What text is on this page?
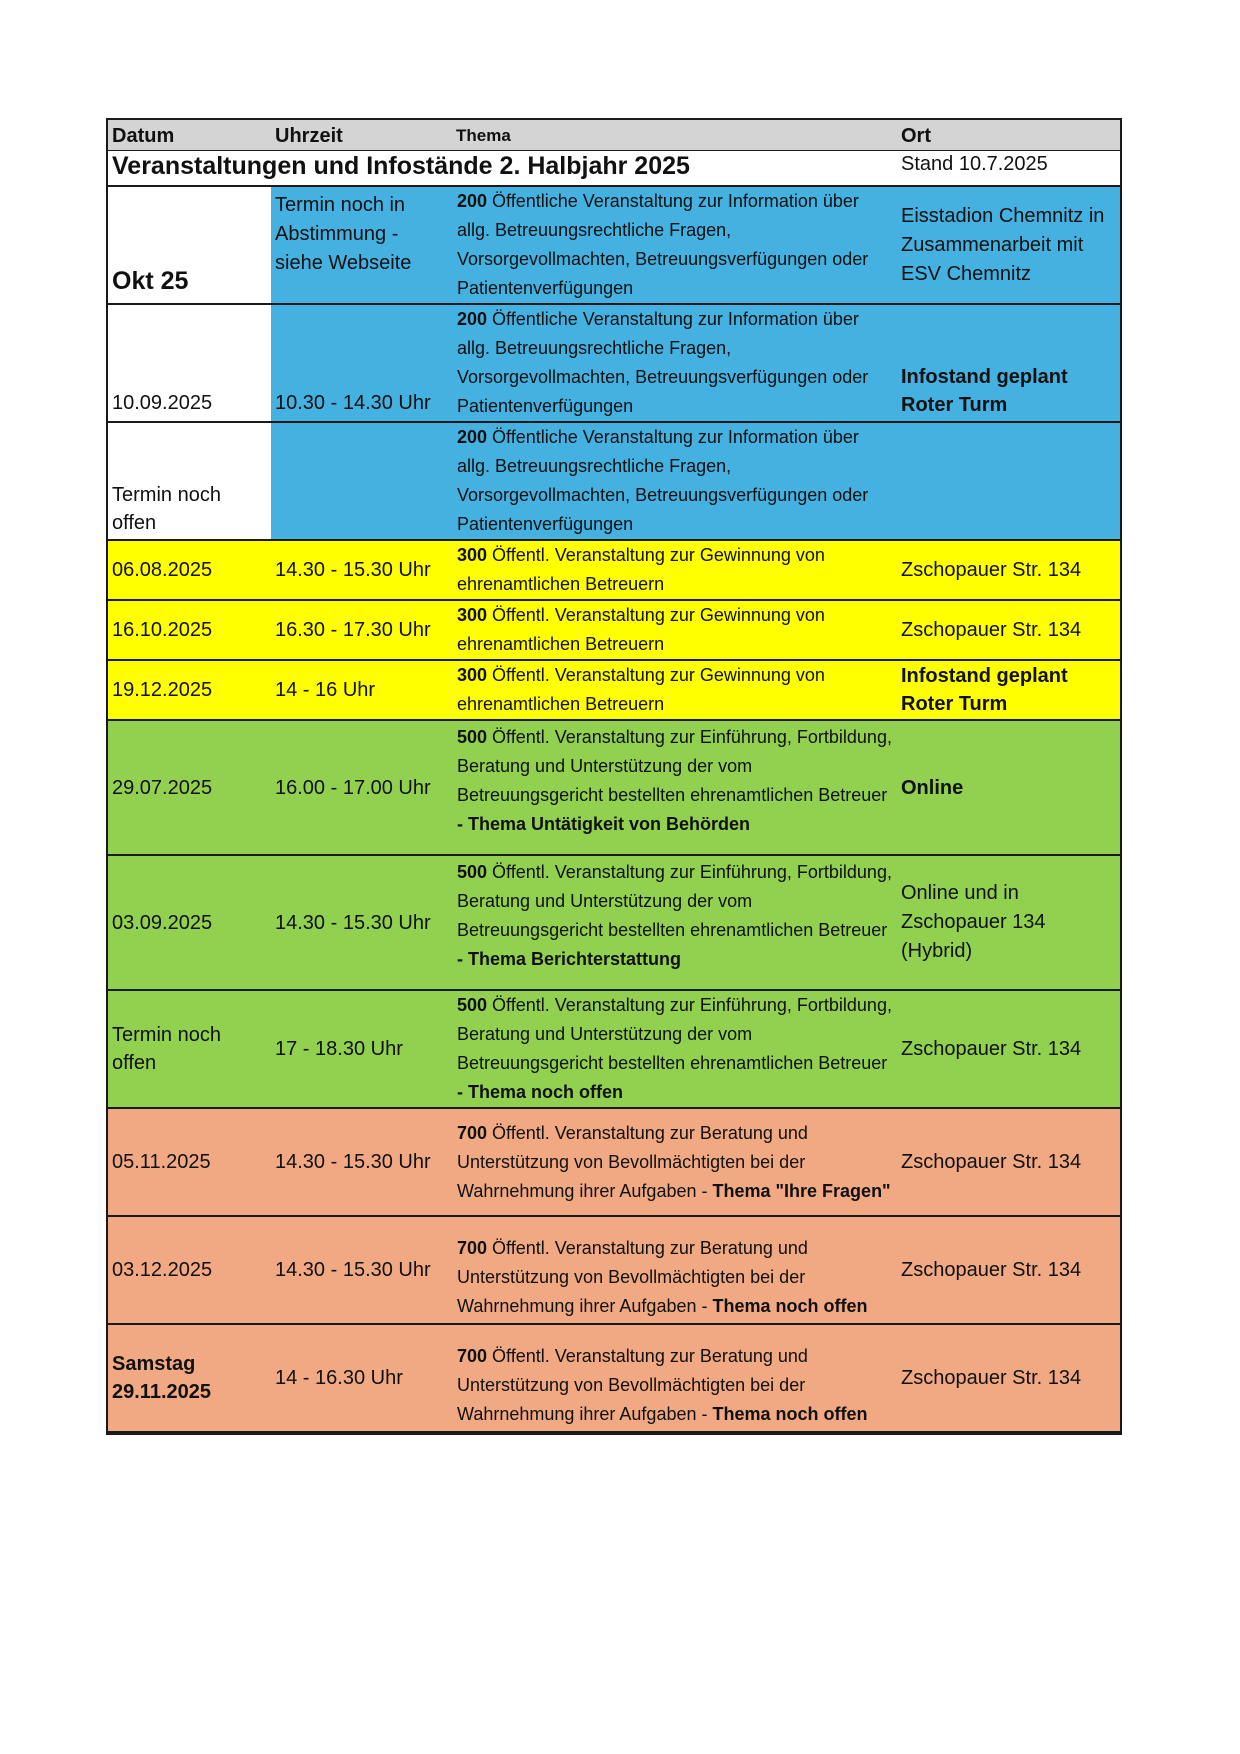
Datum	Uhrzeit	Thema	Ort
Veranstaltungen und Infostände 2. Halbjahr 2025			Stand 10.7.2025
Okt 25	Termin noch in Abstimmung - siehe Webseite	200 Öffentliche Veranstaltung zur Information über allg. Betreuungsrechtliche Fragen, Vorsorgevollmachten, Betreuungsverfügungen oder Patientenverfügungen	Eisstadion Chemnitz in Zusammenarbeit mit ESV Chemnitz
10.09.2025	10.30 - 14.30 Uhr	200 Öffentliche Veranstaltung zur Information über allg. Betreuungsrechtliche Fragen, Vorsorgevollmachten, Betreuungsverfügungen oder Patientenverfügungen	Infostand geplant Roter Turm
Termin noch offen		200 Öffentliche Veranstaltung zur Information über allg. Betreuungsrechtliche Fragen, Vorsorgevollmachten, Betreuungsverfügungen oder Patientenverfügungen	
06.08.2025	14.30 - 15.30 Uhr	300 Öffentl. Veranstaltung zur Gewinnung von ehrenamtlichen Betreuern	Zschopauer Str. 134
16.10.2025	16.30 - 17.30 Uhr	300 Öffentl. Veranstaltung zur Gewinnung von ehrenamtlichen Betreuern	Zschopauer Str. 134
19.12.2025	14 - 16 Uhr	300 Öffentl. Veranstaltung zur Gewinnung von ehrenamtlichen Betreuern	Infostand geplant Roter Turm
29.07.2025	16.00 - 17.00 Uhr	500 Öffentl. Veranstaltung zur Einführung, Fortbildung, Beratung und Unterstützung der vom Betreuungsgericht bestellten ehrenamtlichen Betreuer - Thema Untätigkeit von Behörden	Online
03.09.2025	14.30 - 15.30 Uhr	500 Öffentl. Veranstaltung zur Einführung, Fortbildung, Beratung und Unterstützung der vom Betreuungsgericht bestellten ehrenamtlichen Betreuer - Thema Berichterstattung	Online und in Zschopauer 134 (Hybrid)
Termin noch offen	17 - 18.30 Uhr	500 Öffentl. Veranstaltung zur Einführung, Fortbildung, Beratung und Unterstützung der vom Betreuungsgericht bestellten ehrenamtlichen Betreuer - Thema noch offen	Zschopauer Str. 134
05.11.2025	14.30 - 15.30 Uhr	700 Öffentl. Veranstaltung zur Beratung und Unterstützung von Bevollmächtigten bei der Wahrnehmung ihrer Aufgaben - Thema "Ihre Fragen"	Zschopauer Str. 134
03.12.2025	14.30 - 15.30 Uhr	700 Öffentl. Veranstaltung zur Beratung und Unterstützung von Bevollmächtigten bei der Wahrnehmung ihrer Aufgaben - Thema noch offen	Zschopauer Str. 134
Samstag 29.11.2025	14 - 16.30 Uhr	700 Öffentl. Veranstaltung zur Beratung und Unterstützung von Bevollmächtigten bei der Wahrnehmung ihrer Aufgaben - Thema noch offen	Zschopauer Str. 134
